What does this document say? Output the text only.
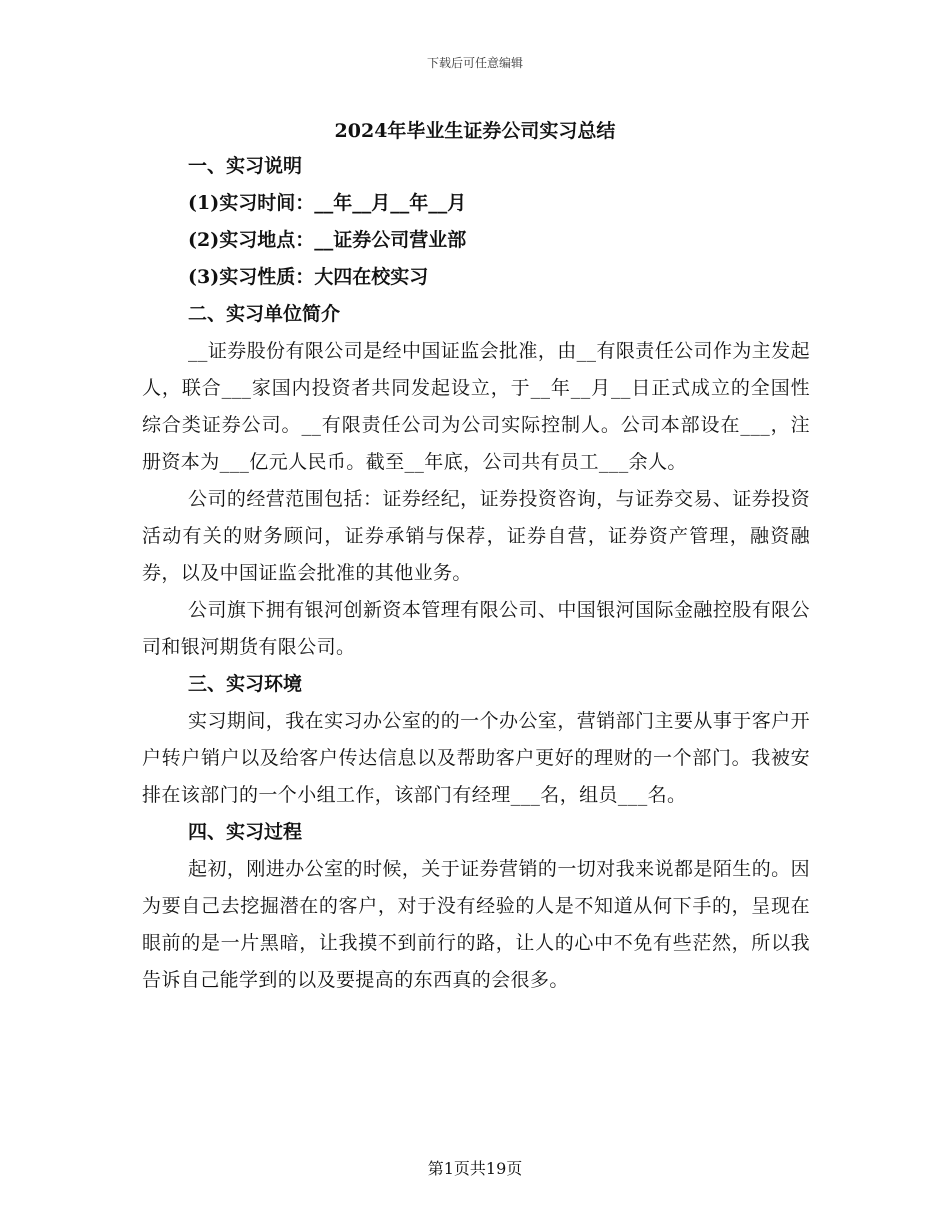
下载后可任意编辑
2024年毕业生证券公司实习总结

一、实习说明

(1)实习时间：__年__月__年__月

(2)实习地点：__证券公司营业部

(3)实习性质：大四在校实习

二、实习单位简介

__证券股份有限公司是经中国证监会批准，由__有限责任公司作为主发起人，联合___家国内投资者共同发起设立，于__年__月__日正式成立的全国性综合类证券公司。__有限责任公司为公司实际控制人。公司本部设在___，注册资本为___亿元人民币。截至__年底，公司共有员工___余人。

公司的经营范围包括：证券经纪，证券投资咨询，与证券交易、证券投资活动有关的财务顾问，证券承销与保荐，证券自营，证券资产管理，融资融券，以及中国证监会批准的其他业务。

公司旗下拥有银河创新资本管理有限公司、中国银河国际金融控股有限公司和银河期货有限公司。

三、实习环境

实习期间，我在实习办公室的的一个办公室，营销部门主要从事于客户开户转户销户以及给客户传达信息以及帮助客户更好的理财的一个部门。我被安排在该部门的一个小组工作，该部门有经理___名，组员___名。

四、实习过程

起初，刚进办公室的时候，关于证券营销的一切对我来说都是陌生的。因为要自己去挖掘潜在的客户，对于没有经验的人是不知道从何下手的，呈现在眼前的是一片黑暗，让我摸不到前行的路，让人的心中不免有些茫然，所以我告诉自己能学到的以及要提高的东西真的会很多。

第1页共19页
